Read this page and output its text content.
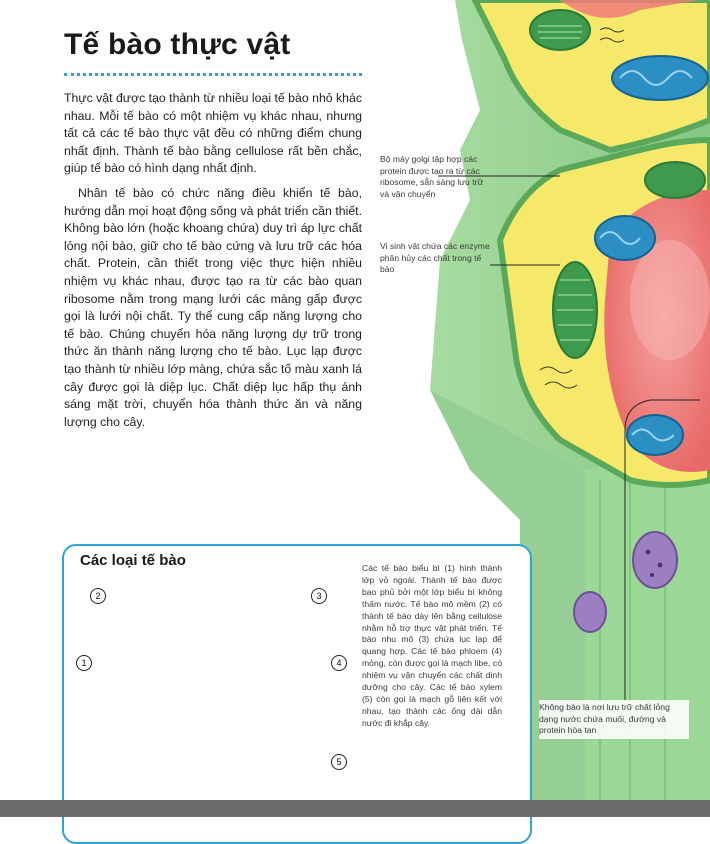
Tế bào thực vật

Thực vật được tạo thành từ nhiều loại tế bào nhỏ khác nhau. Mỗi tế bào có một nhiệm vụ khác nhau, nhưng tất cả các tế bào thực vật đều có những điểm chung nhất định. Thành tế bào bằng cellulose rất bền chắc, giúp tế bào có hình dạng nhất định.

Nhân tế bào có chức năng điều khiển tế bào, hướng dẫn mọi hoạt động sống và phát triển cần thiết. Không bào lớn (hoặc khoang chứa) duy trì áp lực chất lỏng nội bào, giữ cho tế bào cứng và lưu trữ các hóa chất. Protein, cần thiết trong việc thực hiện nhiều nhiệm vụ khác nhau, được tạo ra từ các bào quan ribosome nằm trong mạng lưới các màng gấp được gọi là lưới nội chất. Ty thể cung cấp năng lượng cho tế bào. Chúng chuyển hóa năng lượng dự trữ trong thức ăn thành năng lượng cho tế bào. Lục lạp được tạo thành từ nhiều lớp màng, chứa sắc tố màu xanh lá cây được gọi là diệp lục. Chất diệp lục hấp thụ ánh sáng mặt trời, chuyển hóa thành thức ăn và năng lượng cho cây.

Bộ máy golgi tập hợp các protein được tạo ra từ các ribosome, sẵn sàng lưu trữ và vận chuyển
Vi sinh vật chứa các enzyme phân hủy các chất trong tế bào
Không bào là nơi lưu trữ chất lỏng dạng nước chứa muối, đường và protein hòa tan
Các loại tế bào	Các tế bào biểu bì (1) hình thành lớp vỏ ngoài. Thành tế bào được bao phủ bởi một lớp biểu bì không thấm nước. Tế bào mô mềm (2) có thành tế bào dày lên bằng cellulose nhằm hỗ trợ thực vật phát triển. Tế bào nhu mô (3) chứa lục lạp để quang hợp. Các tế bào phloem (4) mỏng, còn được gọi là mạch libe, có nhiệm vụ vận chuyển các chất dinh dưỡng cho cây. Các tế bào xylem (5) còn gọi là mạch gỗ liên kết với nhau, tạo thành các ống dài dẫn nước đi khắp cây.
1
2	3
4
5
